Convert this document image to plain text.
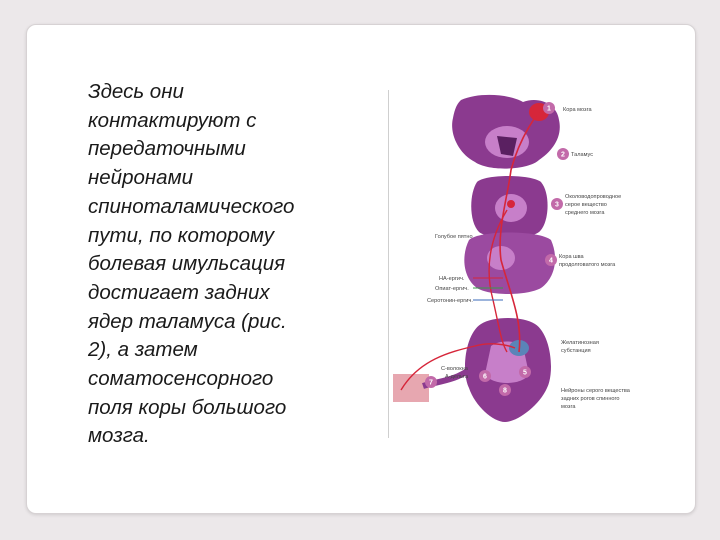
Здесь они
контактируют с
передаточными
нейронами
спиноталамического
пути, по которому
болевая имульсация
достигает задних
ядер таламуса (рис.
2), а затем
соматосенсорного
поля коры большого
мозга.
1
2
3
4
5
6
7
8
Кора мозга
Таламус
Околоводопроводное
серое вещество
среднего мозга
Кора шва
продолговатого мозга
Желатинозная
субстанция
Нейроны серого вещества
задних рогов спинного
мозга
Голубое пятно
НА-ергич.
Опиат-ергич.
Серотонин-ергич.
С-волокна
А-дельта
